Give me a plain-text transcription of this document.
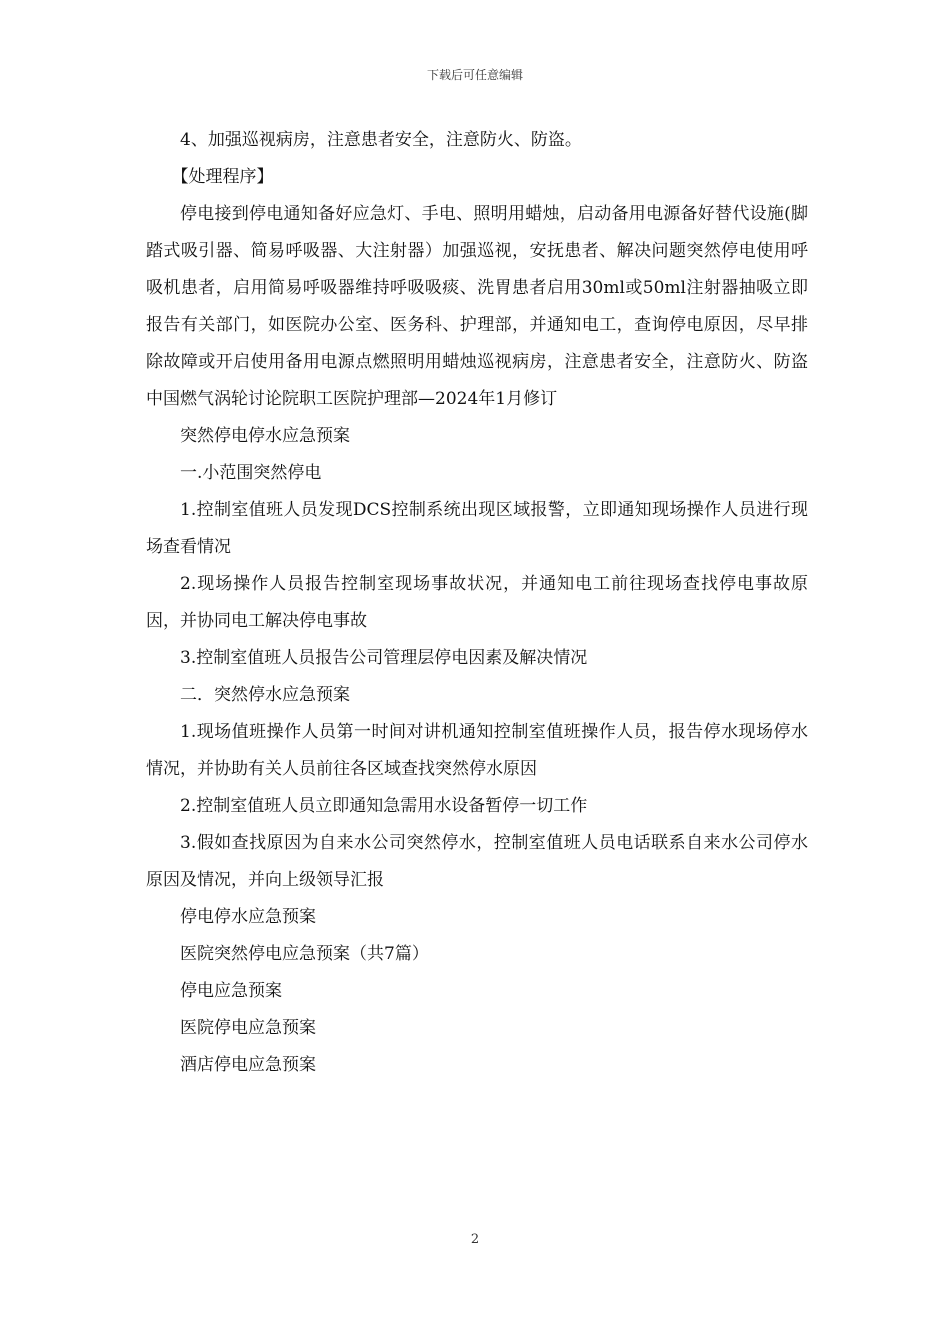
下载后可任意编辑

4、加强巡视病房，注意患者安全，注意防火、防盗。

【处理程序】

停电接到停电通知备好应急灯、手电、照明用蜡烛，启动备用电源备好替代设施(脚踏式吸引器、简易呼吸器、大注射器）加强巡视，安抚患者、解决问题突然停电使用呼吸机患者，启用简易呼吸器维持呼吸吸痰、洗胃患者启用30ml或50ml注射器抽吸立即报告有关部门，如医院办公室、医务科、护理部，并通知电工，查询停电原因，尽早排除故障或开启使用备用电源点燃照明用蜡烛巡视病房，注意患者安全，注意防火、防盗中国燃气涡轮讨论院职工医院护理部—2024年1月修订

突然停电停水应急预案

一.小范围突然停电

1.控制室值班人员发现DCS控制系统出现区域报警，立即通知现场操作人员进行现场查看情况

2.现场操作人员报告控制室现场事故状况，并通知电工前往现场查找停电事故原因，并协同电工解决停电事故

3.控制室值班人员报告公司管理层停电因素及解决情况

二．突然停水应急预案

1.现场值班操作人员第一时间对讲机通知控制室值班操作人员，报告停水现场停水情况，并协助有关人员前往各区域查找突然停水原因

2.控制室值班人员立即通知急需用水设备暂停一切工作

3.假如查找原因为自来水公司突然停水，控制室值班人员电话联系自来水公司停水原因及情况，并向上级领导汇报

停电停水应急预案

医院突然停电应急预案（共7篇）

停电应急预案

医院停电应急预案

酒店停电应急预案

2
